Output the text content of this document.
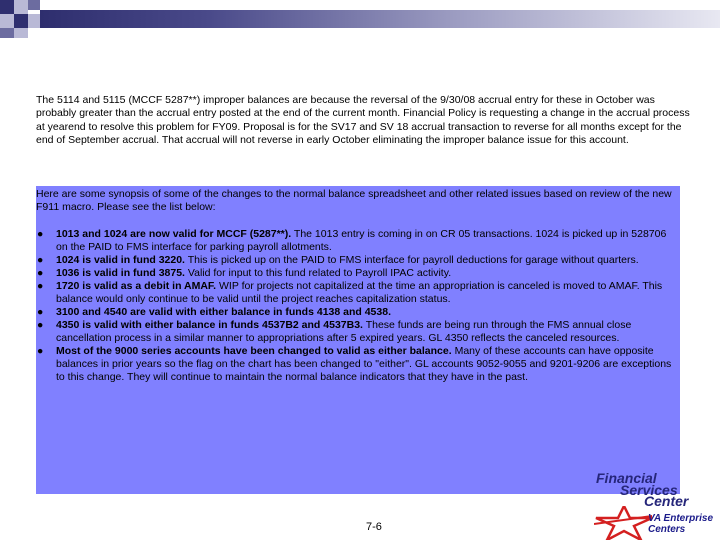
The 5114 and 5115 (MCCF 5287**) improper balances are because the reversal of the 9/30/08 accrual entry for these in October was probably greater than the accrual entry posted at the end of the current month. Financial Policy is requesting a change in the accrual process at yearend to resolve this problem for FY09. Proposal is for the SV17 and SV 18 accrual transaction to reverse for all months except for the end of September accrual. That accrual will not reverse in early October eliminating the improper balance issue for this account.
Here are some synopsis of some of the changes to the normal balance spreadsheet and other related issues based on review of the new F911 macro. Please see the list below:
● 1013 and 1024 are now valid for MCCF (5287**). The 1013 entry is coming in on CR 05 transactions. 1024 is picked up in 528706 on the PAID to FMS interface for parking payroll allotments.
● 1024 is valid in fund 3220. This is picked up on the PAID to FMS interface for payroll deductions for garage without quarters.
● 1036 is valid in fund 3875. Valid for input to this fund related to Payroll IPAC activity.
● 1720 is valid as a debit in AMAF. WIP for projects not capitalized at the time an appropriation is canceled is moved to AMAF. This balance would only continue to be valid until the project reaches capitalization status.
● 3100 and 4540 are valid with either balance in funds 4138 and 4538.
● 4350 is valid with either balance in funds 4537B2 and 4537B3. These funds are being run through the FMS annual close cancellation process in a similar manner to appropriations after 5 expired years. GL 4350 reflects the canceled resources.
● Most of the 9000 series accounts have been changed to valid as either balance. Many of these accounts can have opposite balances in prior years so the flag on the chart has been changed to "either". GL accounts 9052-9055 and 9201-9206 are exceptions to this change. They will continue to maintain the normal balance indicators that they have in the past.
Financial
Services
Center
VA Enterprise
Centers
7-6
